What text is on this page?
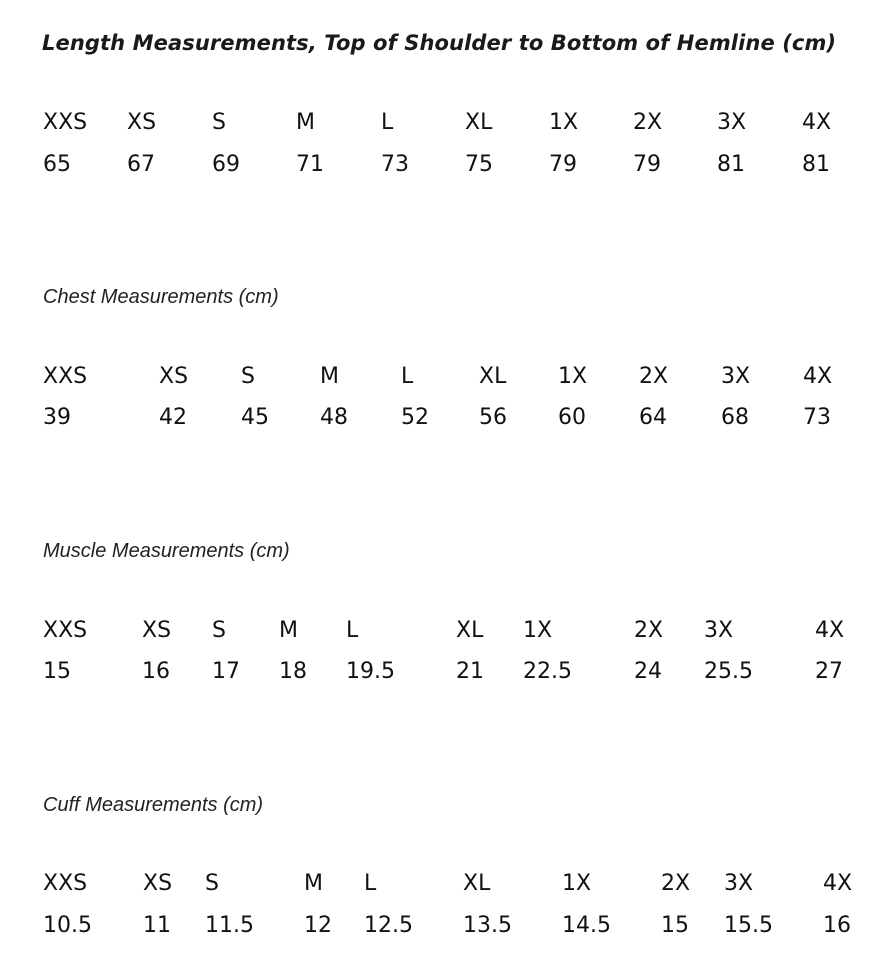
Length Measurements, Top of Shoulder to Bottom of Hemline (cm)
XXS XS	S	M	L	XL	1X 2X 3X	4X
65	67	69	71	73	75	79	79	81	81
Chest Measurements (cm)
XXS	XS S	M	L	XL 1X 2X 3X 4X
39	42 45 48 52 56 60 64 68 73
Muscle Measurements (cm)
XXS XS S M L	XL 1X	2X 3X	4X
15	16 17 18 19.5	21 22.5	24 25.5	27
Cuff Measurements (cm)
XXS	XS S	M L	XL	1X	2X 3X	4X
10.5 11 11.5 12 12.5 13.5 14.5 15 15.5 16
